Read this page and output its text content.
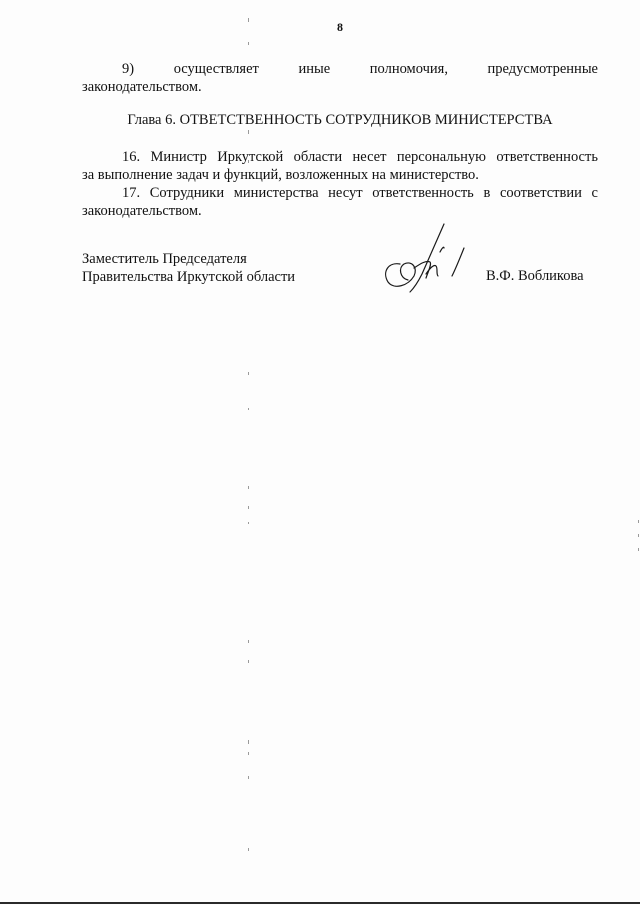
8
9)	осуществляет	иные	полномочия,	предусмотренные
законодательством.
Глава 6. ОТВЕТСТВЕННОСТЬ СОТРУДНИКОВ МИНИСТЕРСТВА
16. Министр Иркутской области несет персональную ответственность
за выполнение задач и функций, возложенных на министерство.
17. Сотрудники министерства несут ответственность в соответствии с
законодательством.
Заместитель Председателя
Правительства Иркутской области	В.Ф. Вобликова
